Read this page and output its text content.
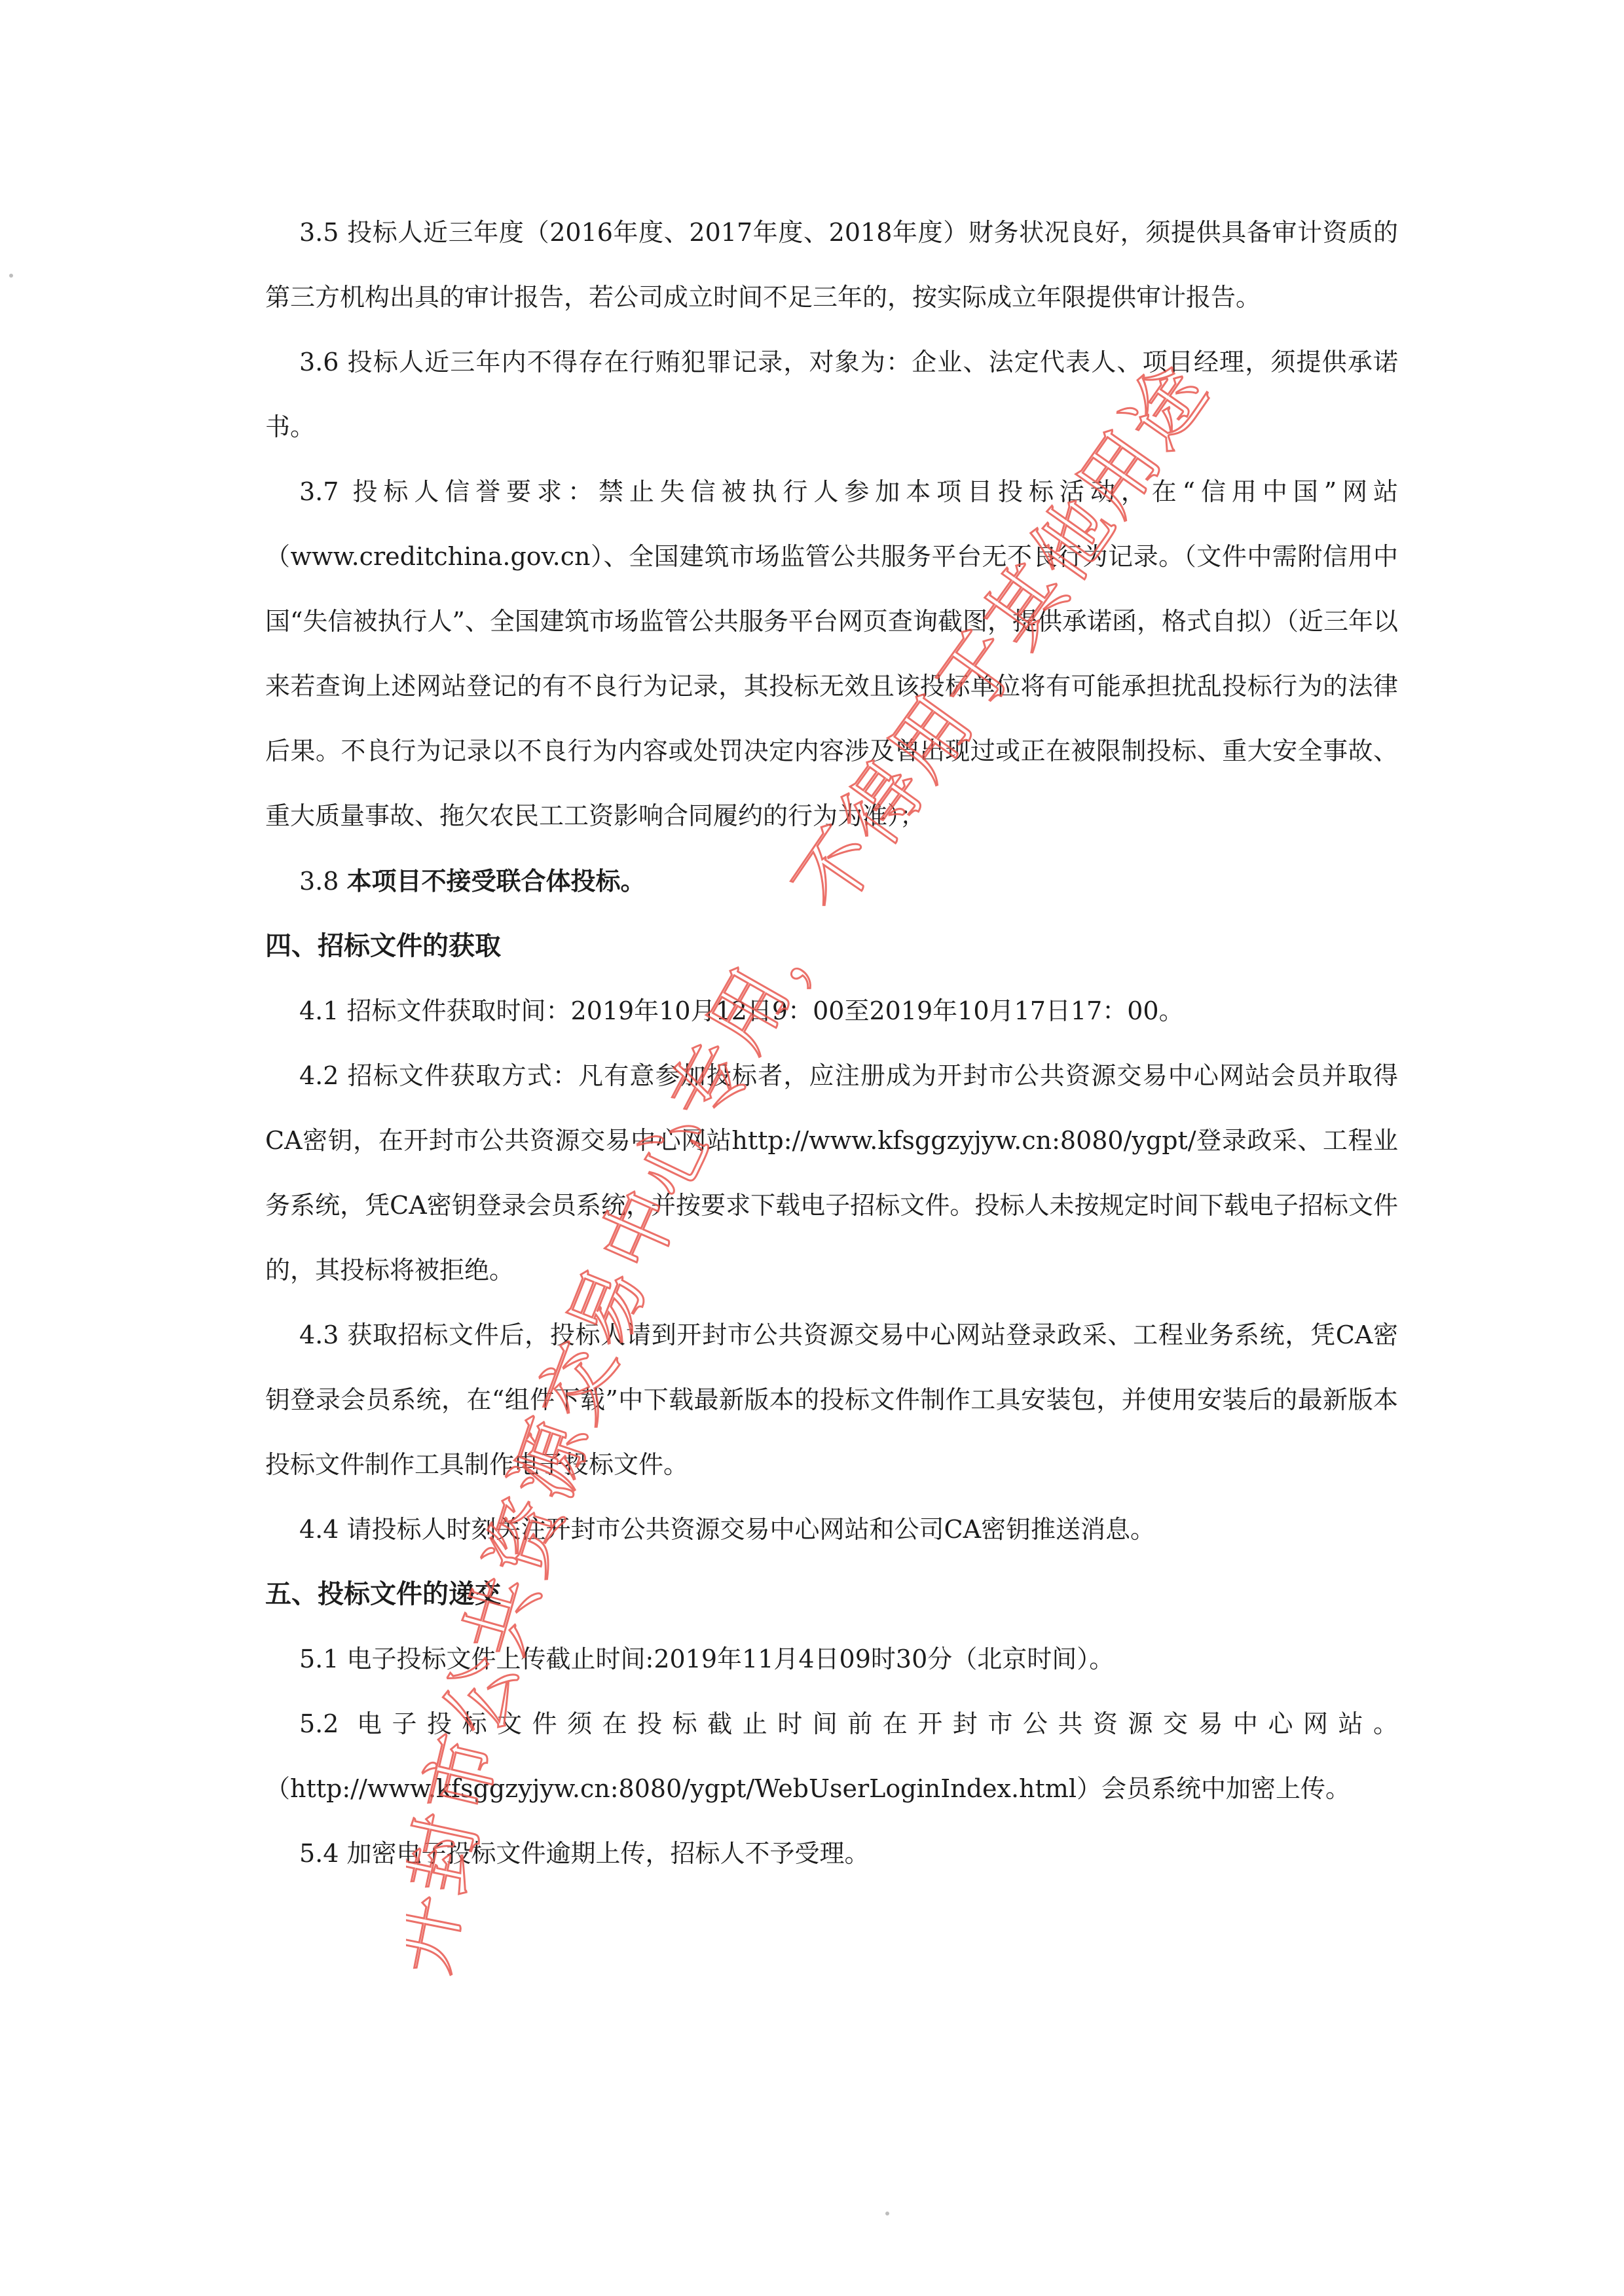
3.5 投标人近三年度（2016年度、2017年度、2018年度）财务状况良好，须提供具备审计资质的第三方机构出具的审计报告，若公司成立时间不足三年的，按实际成立年限提供审计报告。

3.6 投标人近三年内不得存在行贿犯罪记录，对象为：企业、法定代表人、项目经理，须提供承诺书。

3.7 投标人信誉要求：禁止失信被执行人参加本项目投标活动，在“信用中国”网站（www.creditchina.gov.cn）、全国建筑市场监管公共服务平台无不良行为记录。（文件中需附信用中国“失信被执行人”、全国建筑市场监管公共服务平台网页查询截图，提供承诺函，格式自拟）（近三年以来若查询上述网站登记的有不良行为记录，其投标无效且该投标单位将有可能承担扰乱投标行为的法律后果。不良行为记录以不良行为内容或处罚决定内容涉及曾出现过或正在被限制投标、重大安全事故、重大质量事故、拖欠农民工工资影响合同履约的行为为准）；

3.8 本项目不接受联合体投标。

四、招标文件的获取

4.1 招标文件获取时间：2019年10月12日9：00至2019年10月17日17：00。

4.2 招标文件获取方式：凡有意参加投标者，应注册成为开封市公共资源交易中心网站会员并取得CA密钥，在开封市公共资源交易中心网站http://www.kfsggzyjyw.cn:8080/ygpt/登录政采、工程业务系统，凭CA密钥登录会员系统，并按要求下载电子招标文件。投标人未按规定时间下载电子招标文件的，其投标将被拒绝。

4.3 获取招标文件后，投标人请到开封市公共资源交易中心网站登录政采、工程业务系统，凭CA密钥登录会员系统，在“组件下载”中下载最新版本的投标文件制作工具安装包，并使用安装后的最新版本投标文件制作工具制作电子投标文件。

4.4 请投标人时刻关注开封市公共资源交易中心网站和公司CA密钥推送消息。

五、投标文件的递交

5.1 电子投标文件上传截止时间:2019年11月4日09时30分（北京时间）。

5.2 电子投标文件须在投标截止时间前在开封市公共资源交易中心网站。（http://www.kfsggzyjyw.cn:8080/ygpt/WebUserLoginIndex.html）会员系统中加密上传。

5.4 加密电子投标文件逾期上传，招标人不予受理。

市公共资源交易中心专用，不得用于其他用途
